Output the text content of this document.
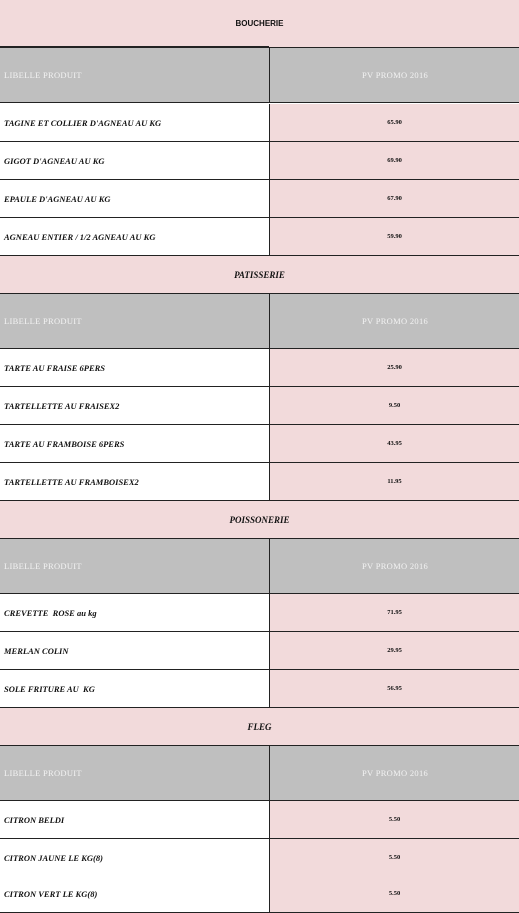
BOUCHERIE
LIBELLE PRODUIT	PV PROMO 2016
TAGINE ET COLLIER D'AGNEAU AU KG	65.90
GIGOT D'AGNEAU AU KG	69.90
EPAULE D'AGNEAU AU KG	67.90
AGNEAU ENTIER / 1/2 AGNEAU AU KG	59.90
PATISSERIE
LIBELLE PRODUIT	PV PROMO 2016
TARTE AU FRAISE 6PERS	25.90
TARTELLETTE AU FRAISEX2	9.50
TARTE AU FRAMBOISE 6PERS	43.95
TARTELLETTE AU FRAMBOISEX2	11.95
POISSONERIE
LIBELLE PRODUIT	PV PROMO 2016
CREVETTE  ROSE au kg	71.95
MERLAN COLIN	29.95
SOLE FRITURE AU  KG	56.95
FLEG
LIBELLE PRODUIT	PV PROMO 2016
CITRON BELDI	5.50
CITRON JAUNE LE KG(8)	5.50
CITRON VERT LE KG(8)	5.50
